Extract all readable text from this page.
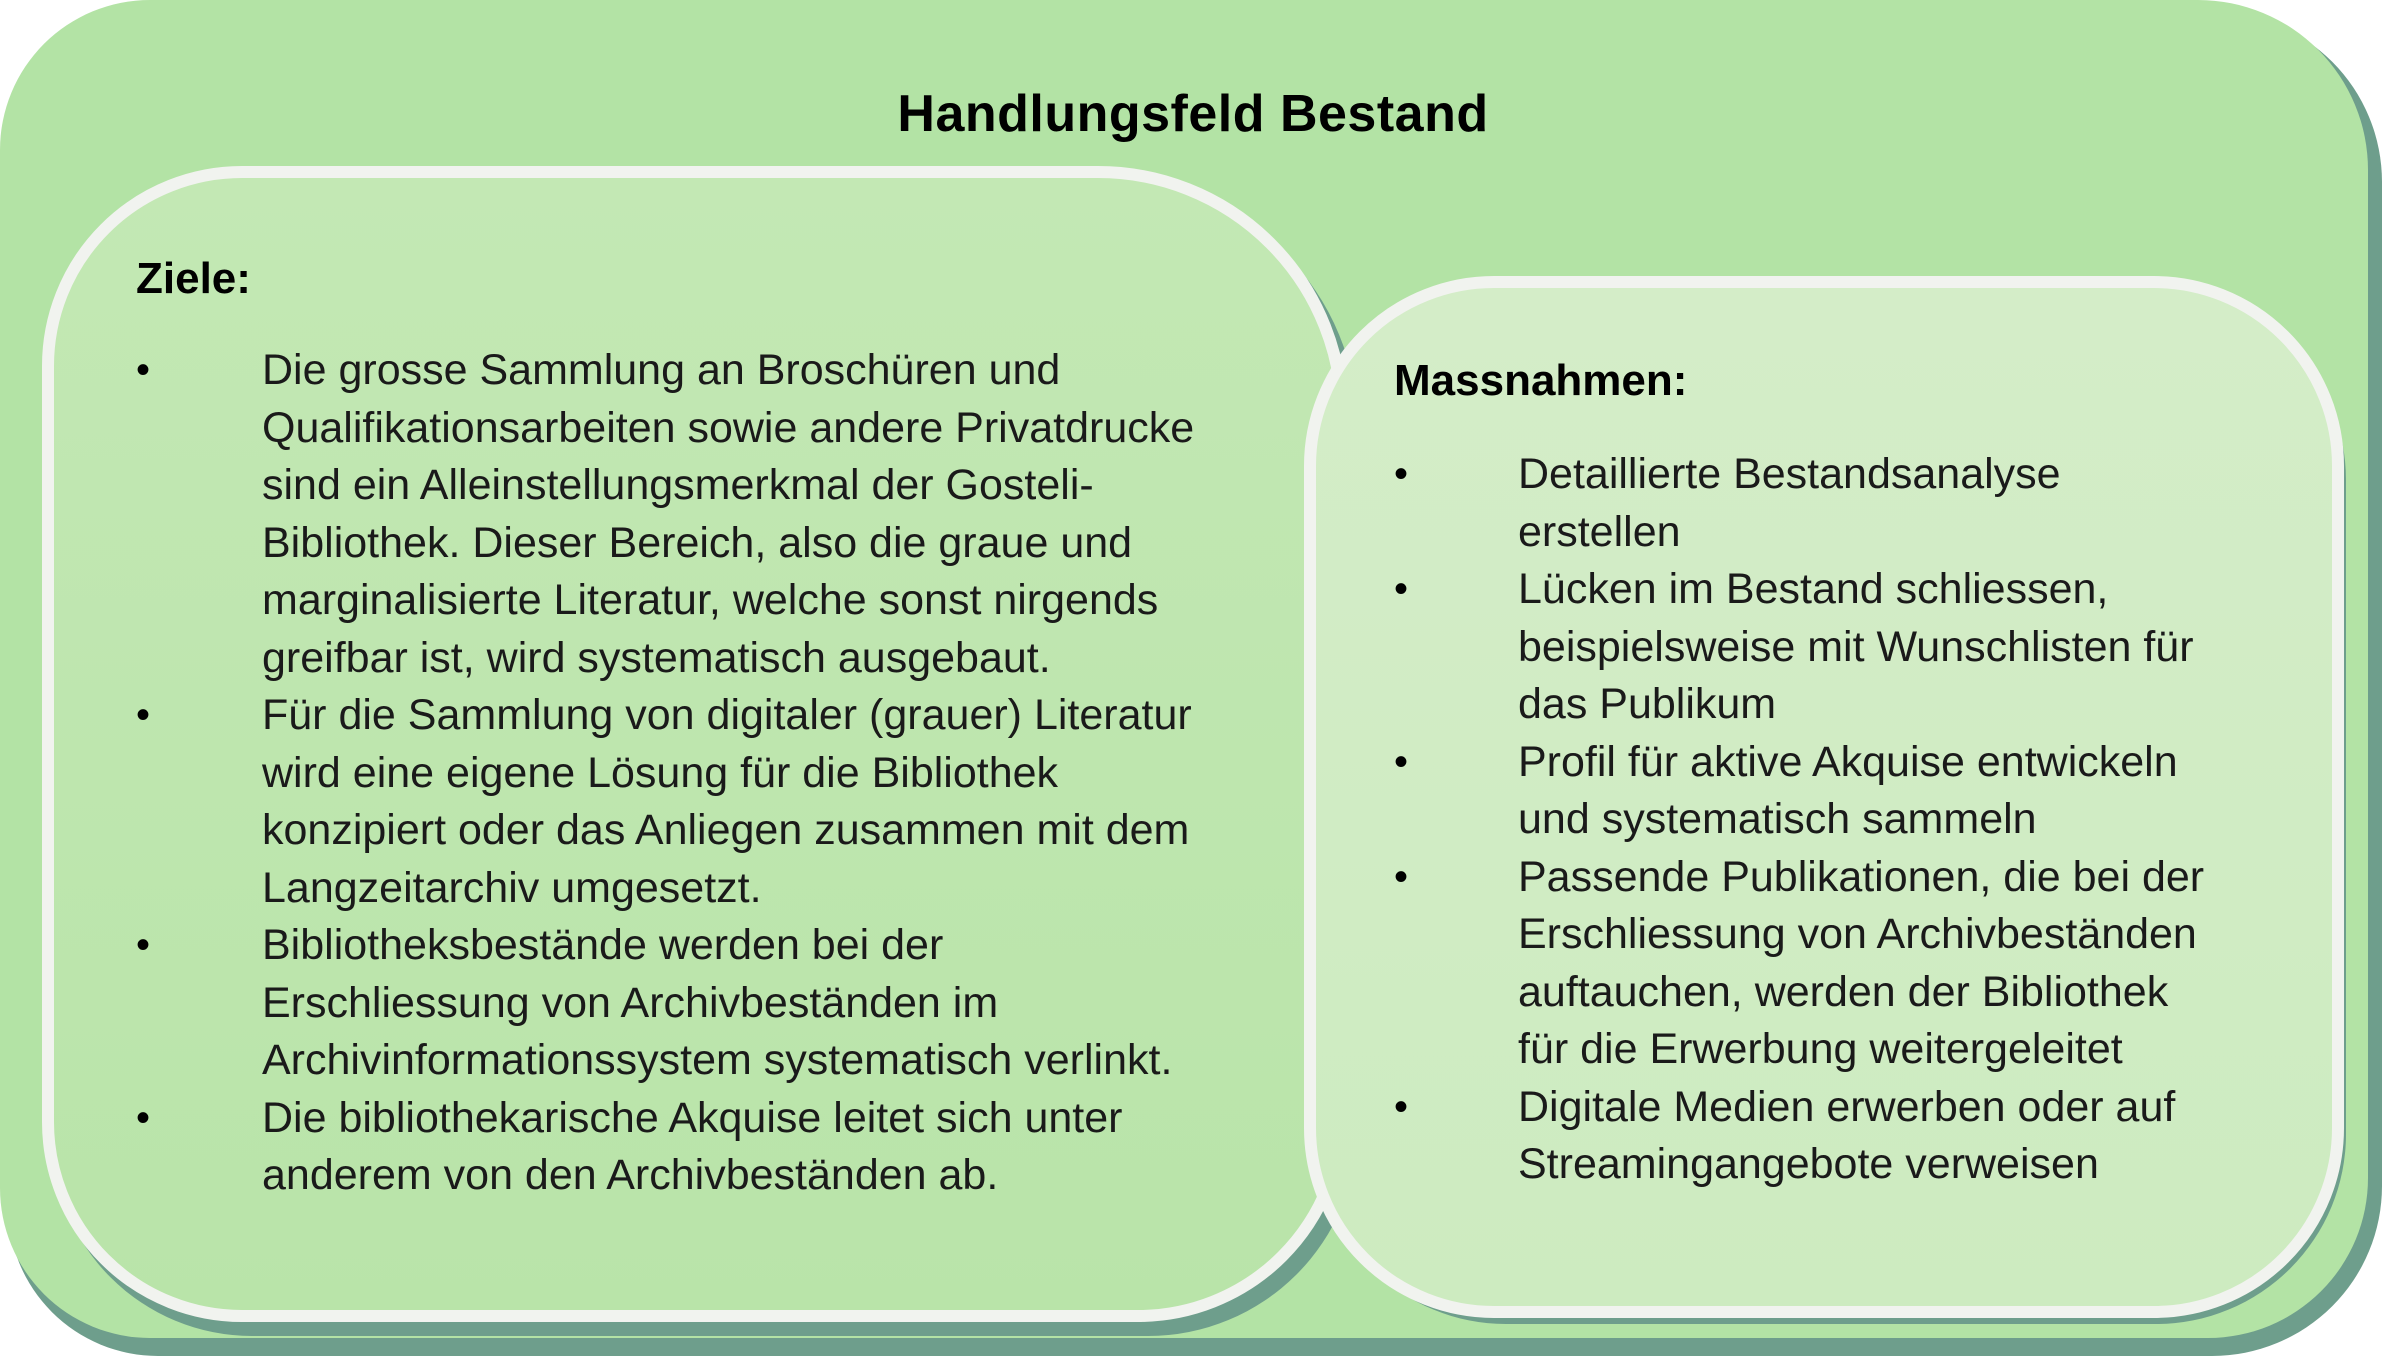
Handlungsfeld Bestand
Ziele:
•	Die grosse Sammlung an Broschüren und
Qualifikationsarbeiten sowie andere Privatdrucke
sind ein Alleinstellungsmerkmal der Gosteli-
Bibliothek. Dieser Bereich, also die graue und
marginalisierte Literatur, welche sonst nirgends
greifbar ist, wird systematisch ausgebaut.
•	Für die Sammlung von digitaler (grauer) Literatur
wird eine eigene Lösung für die Bibliothek
konzipiert oder das Anliegen zusammen mit dem
Langzeitarchiv umgesetzt.
•	Bibliotheksbestände werden bei der
Erschliessung von Archivbeständen im
Archivinformationssystem systematisch verlinkt.
•	Die bibliothekarische Akquise leitet sich unter
anderem von den Archivbeständen ab.
Massnahmen:
•	Detaillierte Bestandsanalyse
erstellen
•	Lücken im Bestand schliessen,
beispielsweise mit Wunschlisten für
das Publikum
•	Profil für aktive Akquise entwickeln
und systematisch sammeln
•	Passende Publikationen, die bei der
Erschliessung von Archivbeständen
auftauchen, werden der Bibliothek
für die Erwerbung weitergeleitet
•	Digitale Medien erwerben oder auf
Streamingangebote verweisen
